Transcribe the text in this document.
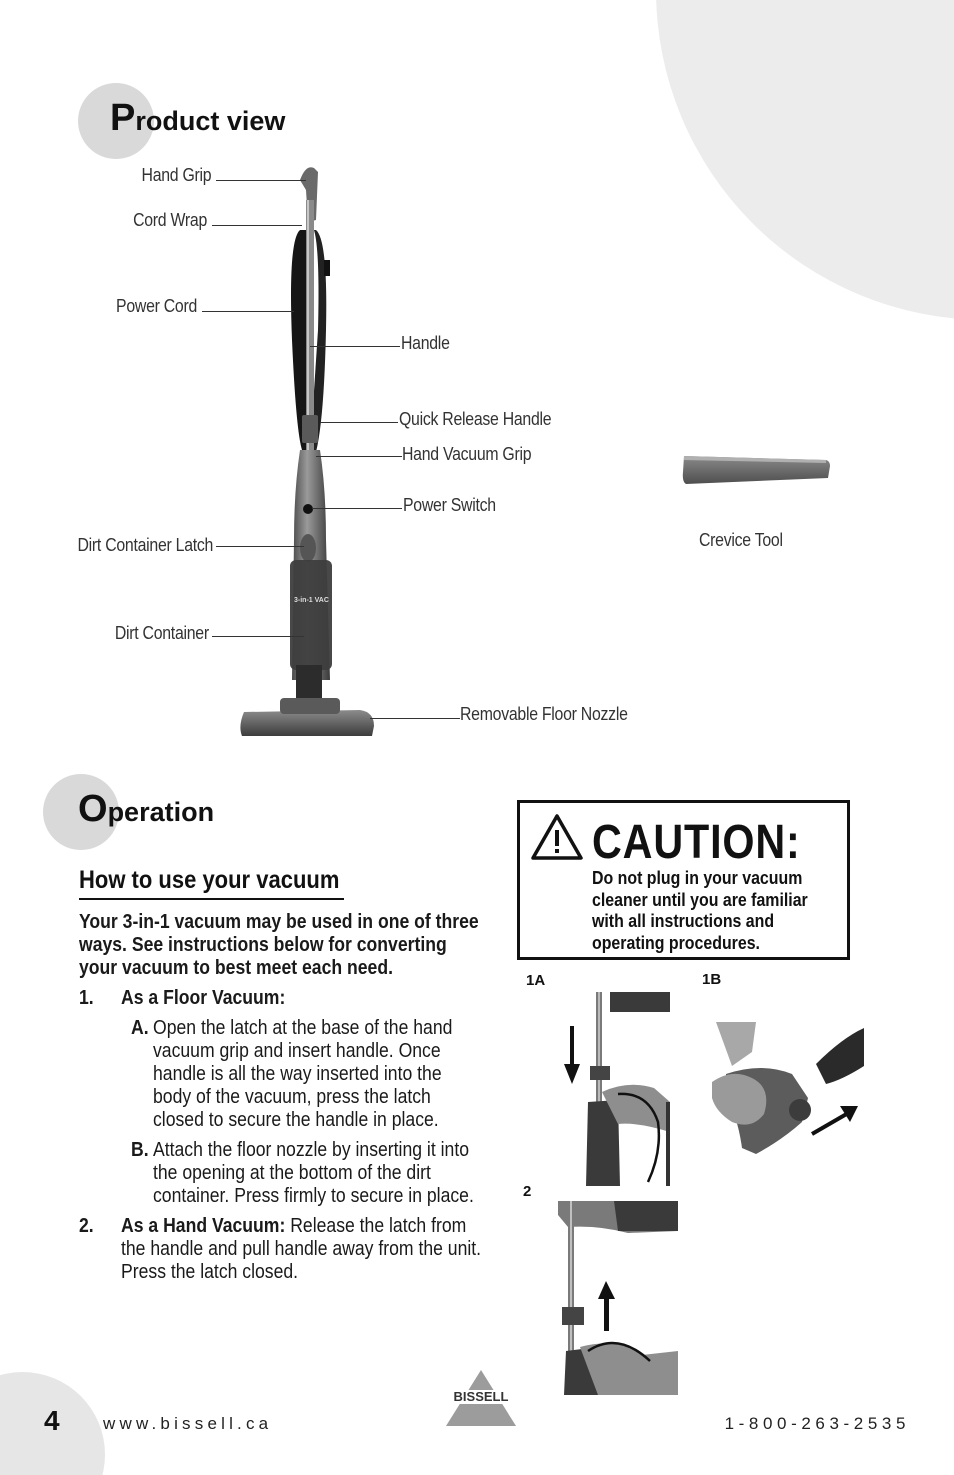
Product view
3-in-1 VAC
Hand Grip
Cord Wrap
Power Cord
Dirt Container Latch
Dirt Container
Handle
Quick Release Handle
Hand Vacuum Grip
Power Switch
Removable Floor Nozzle
Crevice Tool
Operation
How to use your vacuum
Your 3-in-1 vacuum may be used in one of three ways. See instructions below for converting your vacuum to best meet each need.
1. As a Floor Vacuum:
A. Open the latch at the base of the hand vacuum grip and insert handle. Once handle is all the way inserted into the body of the vacuum, press the latch closed to secure the handle in place.
B. Attach the floor nozzle by inserting it into the opening at the bottom of the dirt container. Press firmly to secure in place.
2. As a Hand Vacuum: Release the latch from the handle and pull handle away from the unit. Press the latch closed.
CAUTION:
Do not plug in your vacuum cleaner until you are familiar with all instructions and operating procedures.
1A	1B
2
4	www.bissell.ca	1-800-263-2535
BISSELL
